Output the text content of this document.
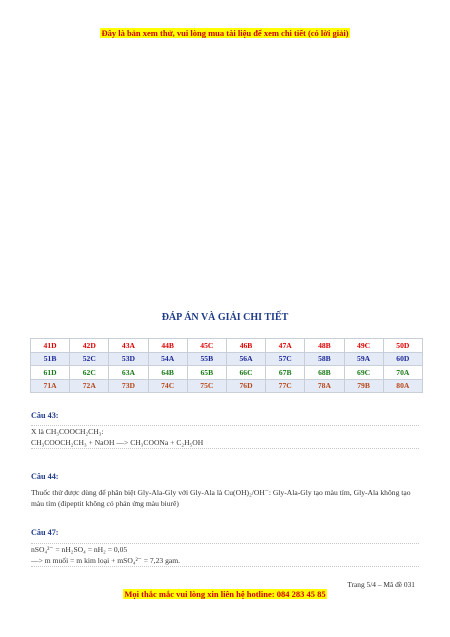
Đây là bản xem thử, vui lòng mua tài liệu để xem chi tiết (có lời giải)
ĐÁP ÁN VÀ GIẢI CHI TIẾT
41D	42D	43A	44B	45C	46B	47A	48B	49C	50D
51B	52C	53D	54A	55B	56A	57C	58B	59A	60D
61D	62C	63A	64B	65B	66C	67B	68B	69C	70A
71A	72A	73D	74C	75C	76D	77C	78A	79B	80A
Câu 43:
X là CH₃COOCH₂CH₃:
CH₃COOCH₂CH₃ + NaOH —> CH₃COONa + C₂H₅OH
Câu 44:
Thuốc thử được dùng để phân biệt Gly-Ala-Gly với Gly-Ala là Cu(OH)₂/OH⁻: Gly-Ala-Gly tạo màu tím, Gly-Ala không tạo màu tím (đipeptit không có phản ứng màu biurê)
Câu 47:
nSO₄²⁻ = nH₂SO₄ = nH₂ = 0,05
—> m muối = m kim loại + mSO₄²⁻ = 7,23 gam.
Trang 5/4 – Mã đề 031
Mọi thắc mắc vui lòng xin liên hệ hotline: 084 283 45 85
